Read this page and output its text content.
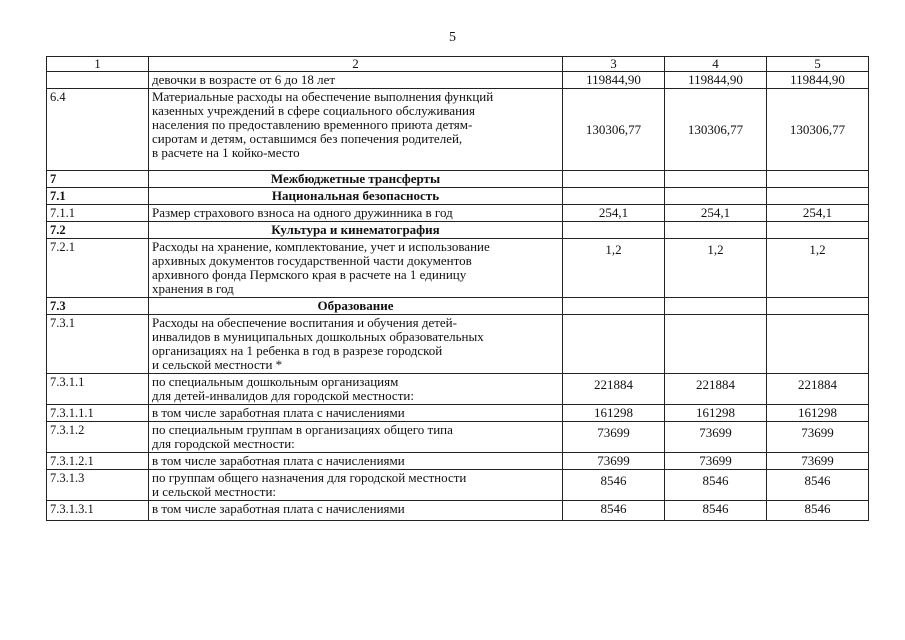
5
1	2	3	4	5
	девочки в возрасте от 6 до 18 лет	119844,90	119844,90	119844,90
6.4	Материальные расходы на обеспечение выполнения функций
казенных учреждений в сфере социального обслуживания
населения по предоставлению временного приюта детям-
сиротам и детям, оставшимся без попечения родителей,
в расчете на 1 койко-место	130306,77	130306,77	130306,77
7	Межбюджетные трансферты			
7.1	Национальная безопасность			
7.1.1	Размер страхового взноса на одного дружинника в год	254,1	254,1	254,1
7.2	Культура и кинематография			
7.2.1	Расходы на хранение, комплектование, учет и использование
архивных документов государственной части документов
архивного фонда Пермского края в расчете на 1 единицу
хранения в год	1,2	1,2	1,2
7.3	Образование			
7.3.1	Расходы на обеспечение воспитания и обучения детей-
инвалидов в муниципальных дошкольных образовательных
организациях на 1 ребенка в год в разрезе городской
и сельской местности *			
7.3.1.1	по специальным дошкольным организациям
для детей-инвалидов для городской местности:	221884	221884	221884
7.3.1.1.1	в том числе заработная плата с начислениями	161298	161298	161298
7.3.1.2	по специальным группам в организациях общего типа
для городской местности:	73699	73699	73699
7.3.1.2.1	в том числе заработная плата с начислениями	73699	73699	73699
7.3.1.3	по группам общего назначения для городской местности
и сельской местности:	8546	8546	8546
7.3.1.3.1	в том числе заработная плата с начислениями	8546	8546	8546
